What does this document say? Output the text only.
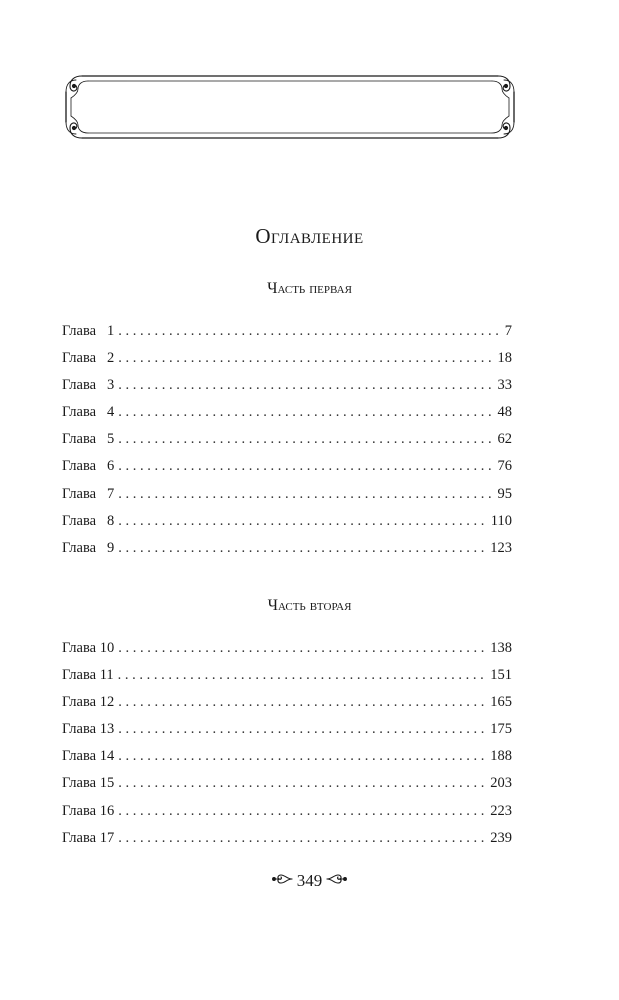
Оглавление
Часть первая
Глава 1 . . .	7
Глава 2 . . .	18
Глава 3 . . .	33
Глава 4 . . .	48
Глава 5 . . .	62
Глава 6 . . .	76
Глава 7 . . .	95
Глава 8 . . .	110
Глава 9 . . .	123
Часть вторая
Глава 10 . . .	138
Глава 11 . . .	151
Глава 12 . . .	165
Глава 13 . . .	175
Глава 14 . . .	188
Глава 15 . . .	203
Глава 16 . . .	223
Глава 17 . . .	239
349
